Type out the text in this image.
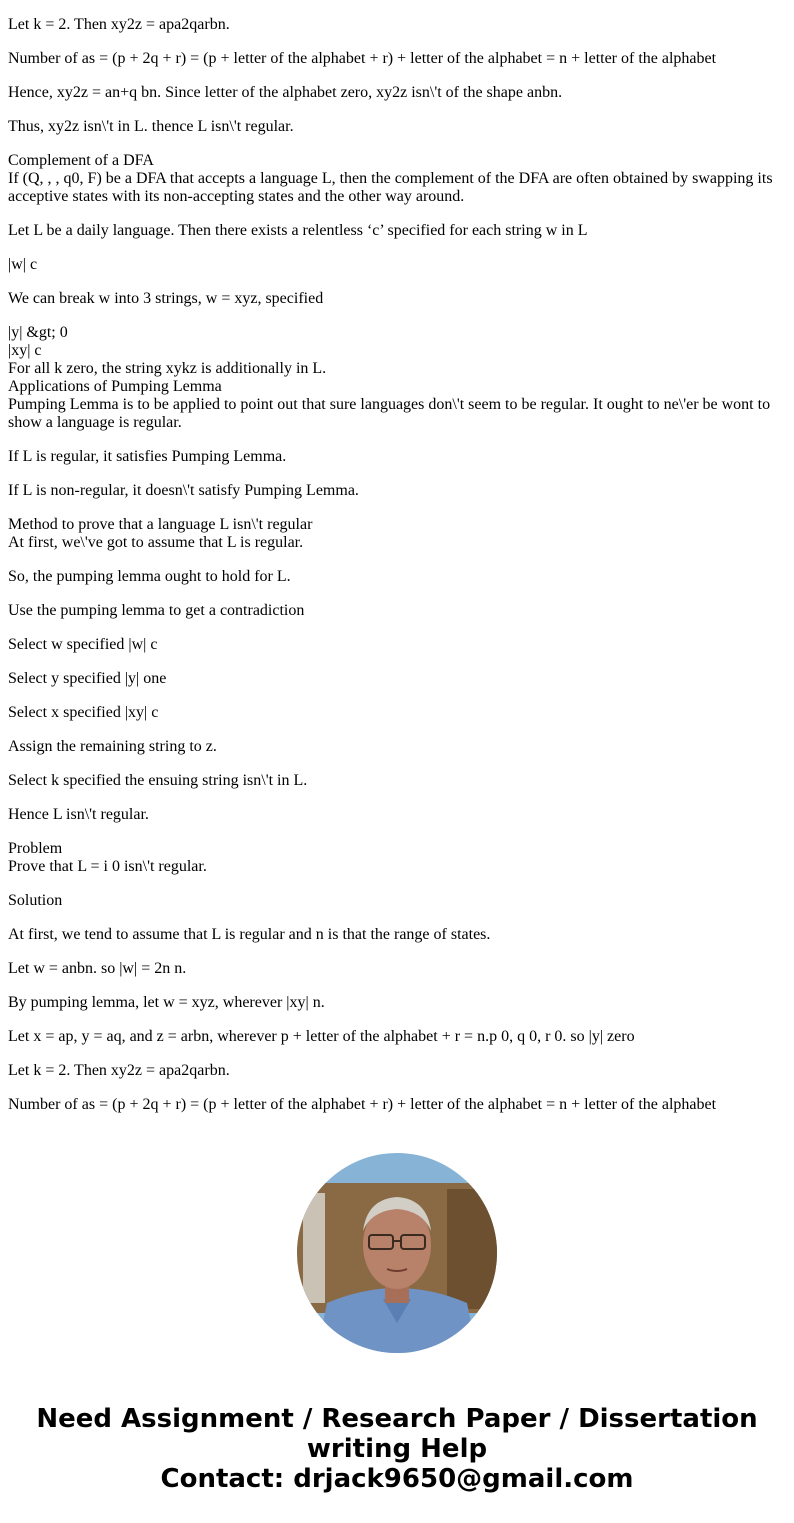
Let k = 2. Then xy2z = apa2qarbn.

Number of as = (p + 2q + r) = (p + letter of the alphabet + r) + letter of the alphabet = n + letter of the alphabet

Hence, xy2z = an+q bn. Since letter of the alphabet zero, xy2z isn\'t of the shape anbn.

Thus, xy2z isn\'t in L. thence L isn\'t regular.

Complement of a DFA
If (Q, , , q0, F) be a DFA that accepts a language L, then the complement of the DFA are often obtained by swapping its acceptive states with its non-accepting states and the other way around.

Let L be a daily language. Then there exists a relentless ‘c’ specified for each string w in L

|w| c

We can break w into 3 strings, w = xyz, specified

|y| &gt; 0
|xy| c
For all k zero, the string xykz is additionally in L.
Applications of Pumping Lemma
Pumping Lemma is to be applied to point out that sure languages don\'t seem to be regular. It ought to ne\'er be wont to show a language is regular.

If L is regular, it satisfies Pumping Lemma.

If L is non-regular, it doesn\'t satisfy Pumping Lemma.

Method to prove that a language L isn\'t regular
At first, we\'ve got to assume that L is regular.

So, the pumping lemma ought to hold for L.

Use the pumping lemma to get a contradiction

Select w specified |w| c

Select y specified |y| one

Select x specified |xy| c

Assign the remaining string to z.

Select k specified the ensuing string isn\'t in L.

Hence L isn\'t regular.

Problem
Prove that L = i 0 isn\'t regular.

Solution

At first, we tend to assume that L is regular and n is that the range of states.

Let w = anbn. so |w| = 2n n.

By pumping lemma, let w = xyz, wherever |xy| n.

Let x = ap, y = aq, and z = arbn, wherever p + letter of the alphabet + r = n.p 0, q 0, r 0. so |y| zero

Let k = 2. Then xy2z = apa2qarbn.

Number of as = (p + 2q + r) = (p + letter of the alphabet + r) + letter of the alphabet = n + letter of the alphabet

Need Assignment / Research Paper / Dissertation
writing Help
Contact: drjack9650@gmail.com
